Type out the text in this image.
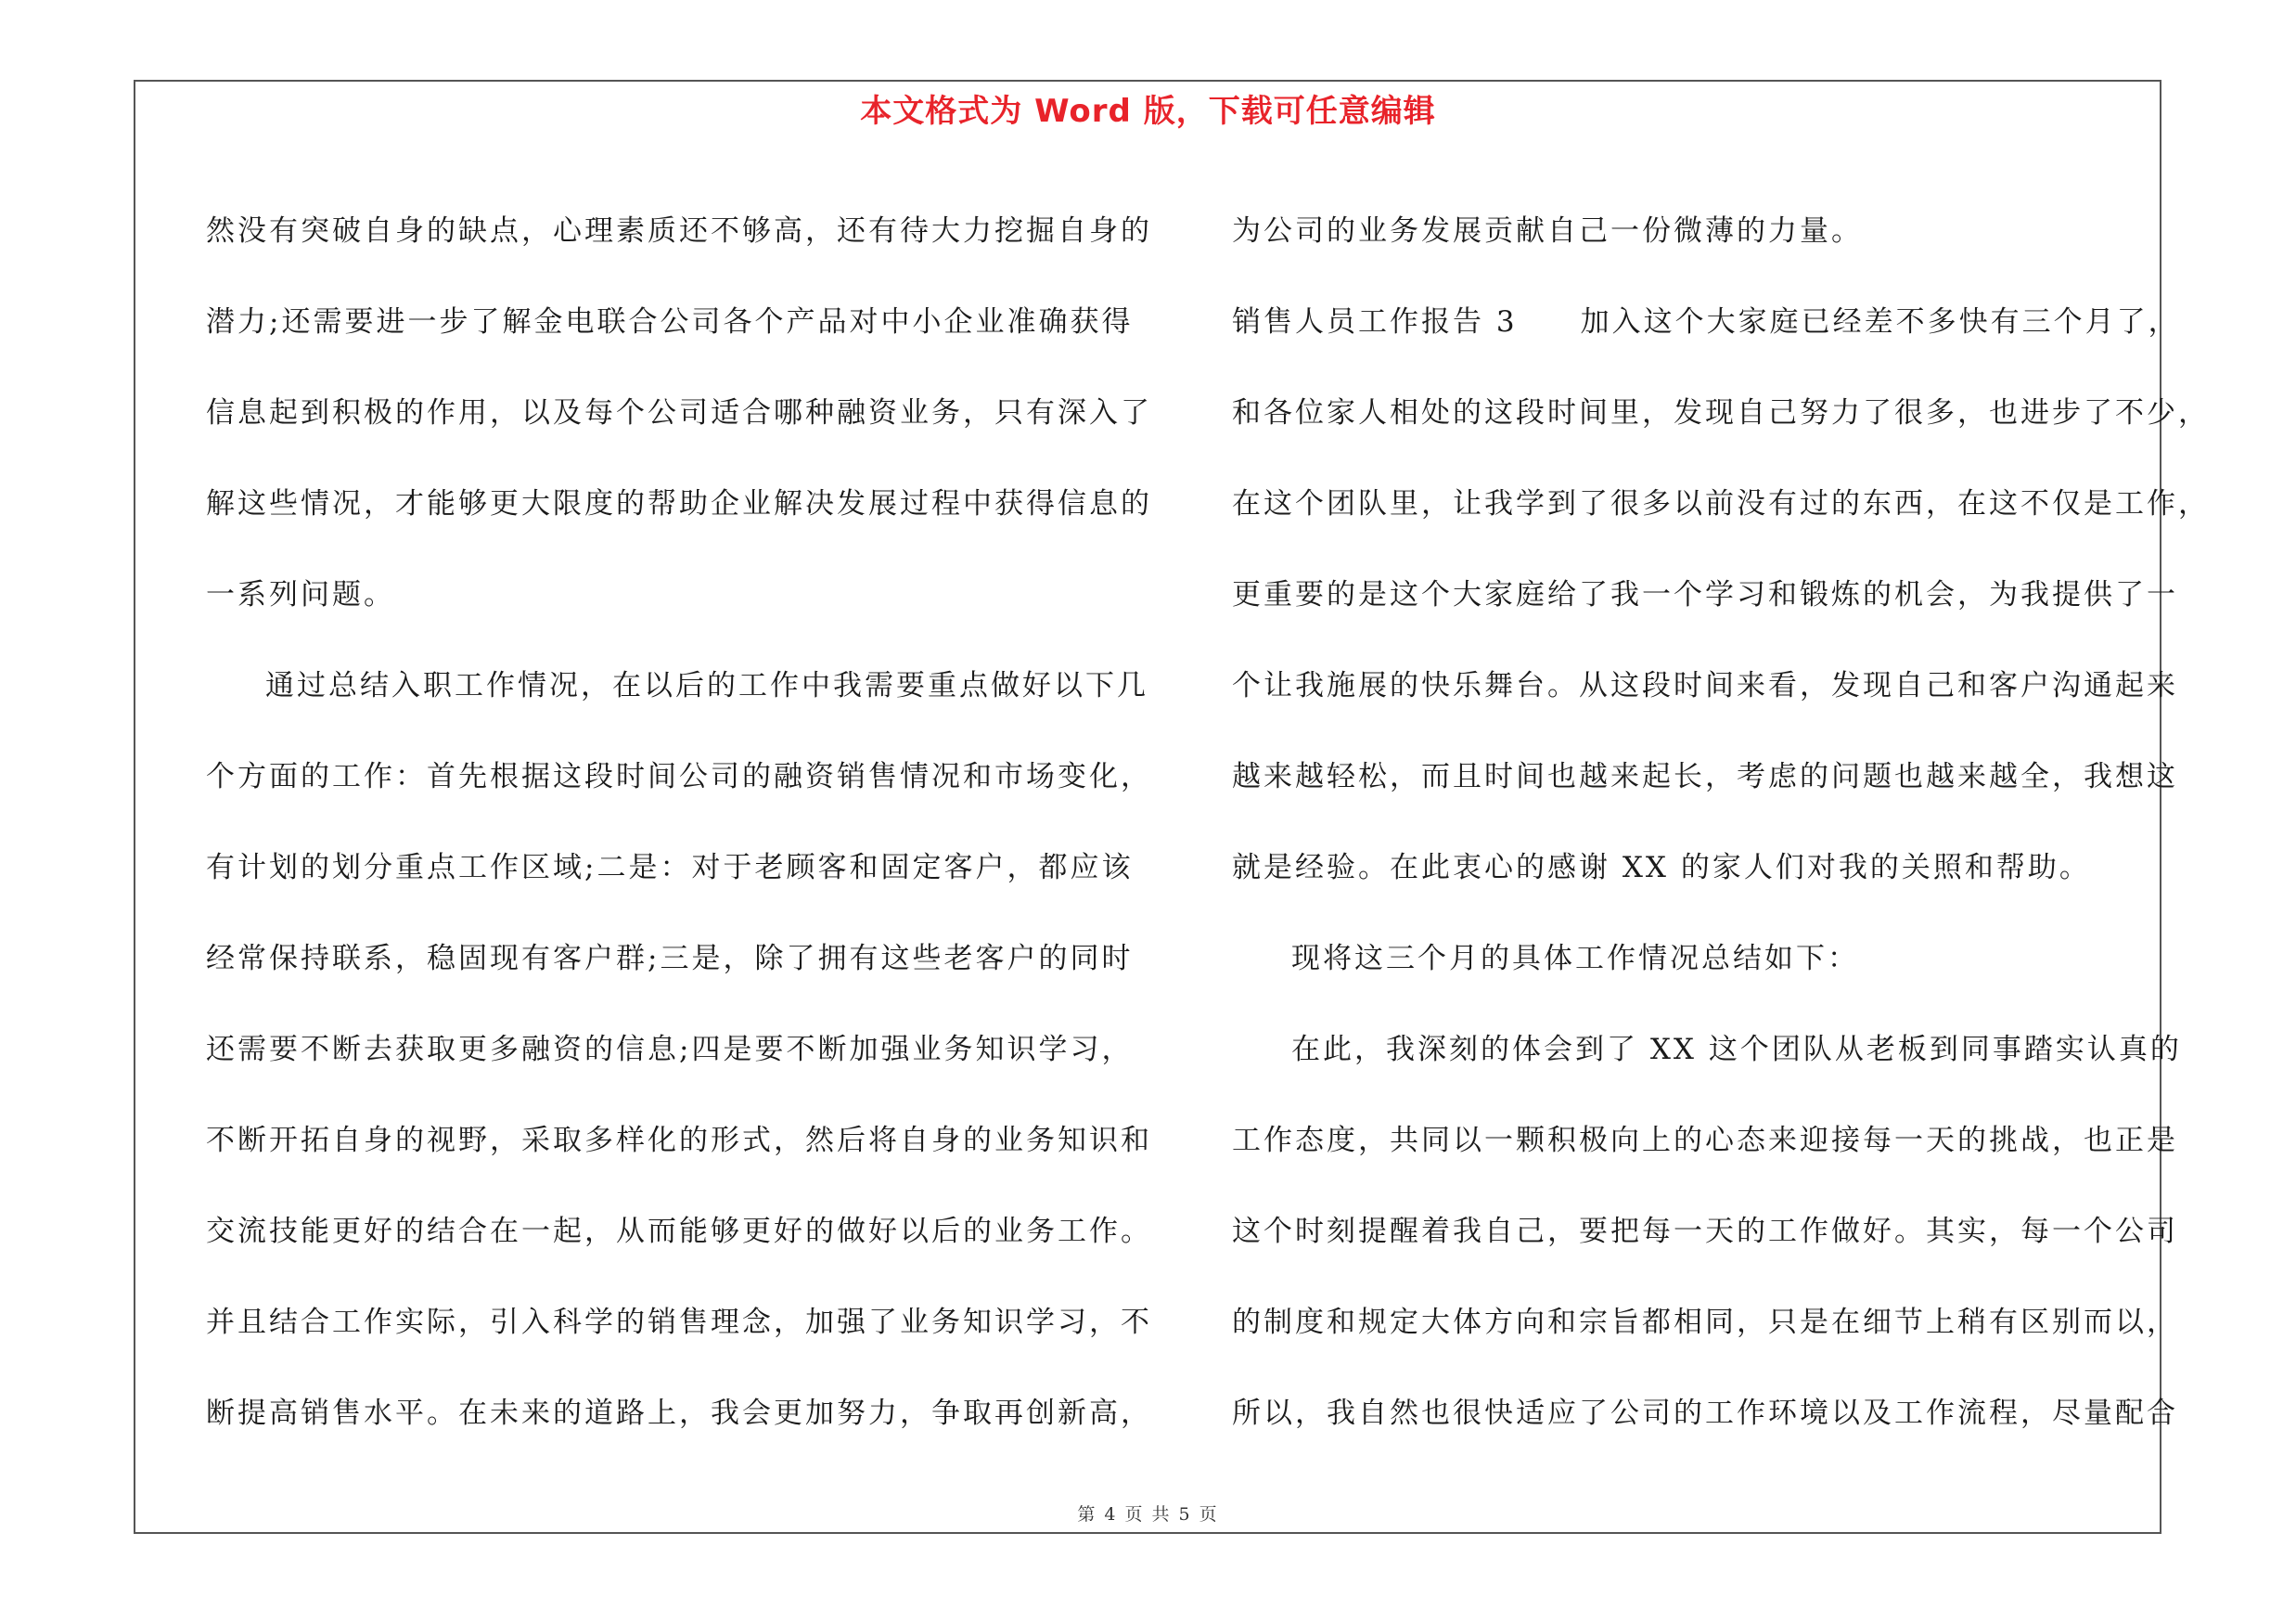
本文格式为 Word 版，下载可任意编辑
然没有突破自身的缺点，心理素质还不够高，还有待大力挖掘自身的
潜力;还需要进一步了解金电联合公司各个产品对中小企业准确获得
信息起到积极的作用，以及每个公司适合哪种融资业务，只有深入了
解这些情况，才能够更大限度的帮助企业解决发展过程中获得信息的
一系列问题。
通过总结入职工作情况，在以后的工作中我需要重点做好以下几
个方面的工作：首先根据这段时间公司的融资销售情况和市场变化，
有计划的划分重点工作区域;二是：对于老顾客和固定客户，都应该
经常保持联系，稳固现有客户群;三是，除了拥有这些老客户的同时
还需要不断去获取更多融资的信息;四是要不断加强业务知识学习，
不断开拓自身的视野，采取多样化的形式，然后将自身的业务知识和
交流技能更好的结合在一起，从而能够更好的做好以后的业务工作。
并且结合工作实际，引入科学的销售理念，加强了业务知识学习，不
断提高销售水平。在未来的道路上，我会更加努力，争取再创新高，
为公司的业务发展贡献自己一份微薄的力量。
销售人员工作报告 3　　加入这个大家庭已经差不多快有三个月了，
和各位家人相处的这段时间里，发现自己努力了很多，也进步了不少，
在这个团队里，让我学到了很多以前没有过的东西，在这不仅是工作，
更重要的是这个大家庭给了我一个学习和锻炼的机会，为我提供了一
个让我施展的快乐舞台。从这段时间来看，发现自己和客户沟通起来
越来越轻松，而且时间也越来起长，考虑的问题也越来越全，我想这
就是经验。在此衷心的感谢 XX 的家人们对我的关照和帮助。
现将这三个月的具体工作情况总结如下：
在此，我深刻的体会到了 XX 这个团队从老板到同事踏实认真的
工作态度，共同以一颗积极向上的心态来迎接每一天的挑战，也正是
这个时刻提醒着我自己，要把每一天的工作做好。其实，每一个公司
的制度和规定大体方向和宗旨都相同，只是在细节上稍有区别而以，
所以，我自然也很快适应了公司的工作环境以及工作流程，尽量配合
第 4 页 共 5 页
